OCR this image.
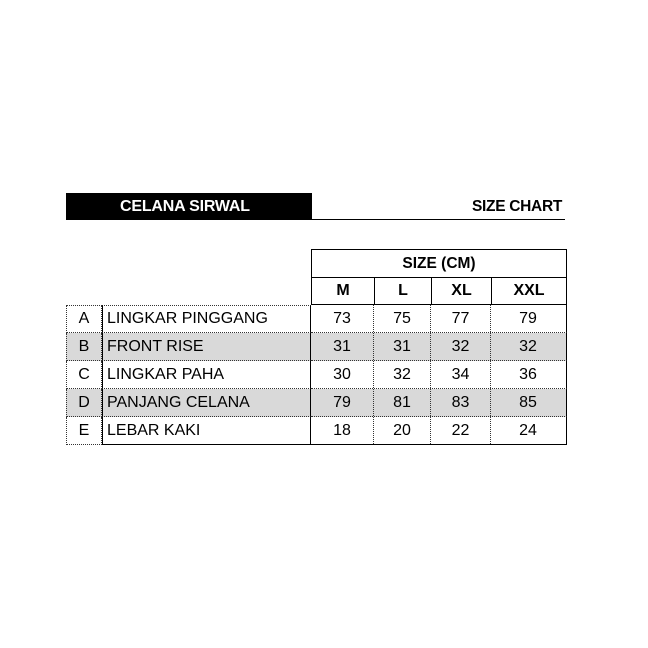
CELANA SIRWAL	SIZE CHART
SIZE (CM)
M	L	XL	XXL
A	LINGKAR PINGGANG	73	75	77	79
B	FRONT RISE	31	31	32	32
C	LINGKAR PAHA	30	32	34	36
D	PANJANG CELANA	79	81	83	85
E	LEBAR KAKI	18	20	22	24
